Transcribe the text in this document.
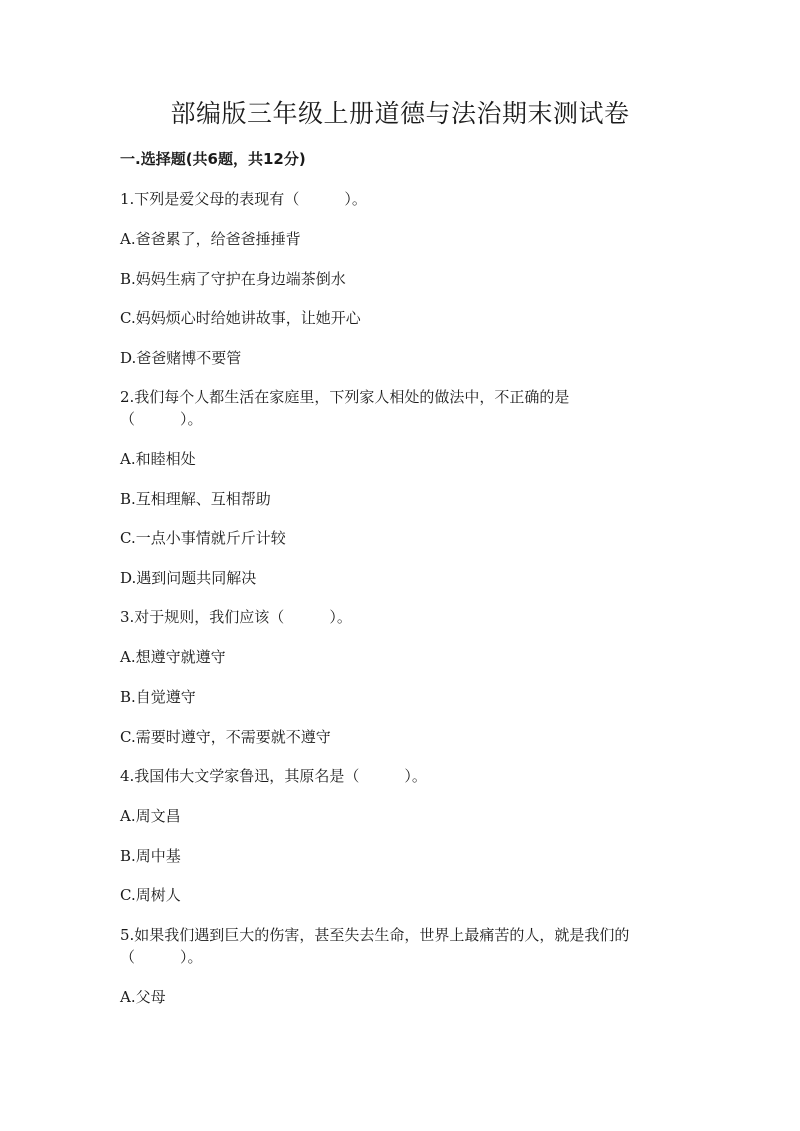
部编版三年级上册道德与法治期末测试卷
一.选择题(共6题，共12分)
1.下列是爱父母的表现有（　　　）。
A.爸爸累了，给爸爸捶捶背
B.妈妈生病了守护在身边端茶倒水
C.妈妈烦心时给她讲故事，让她开心
D.爸爸赌博不要管
2.我们每个人都生活在家庭里，下列家人相处的做法中，不正确的是
（　　　）。
A.和睦相处
B.互相理解、互相帮助
C.一点小事情就斤斤计较
D.遇到问题共同解决
3.对于规则，我们应该（　　　）。
A.想遵守就遵守
B.自觉遵守
C.需要时遵守，不需要就不遵守
4.我国伟大文学家鲁迅，其原名是（　　　）。
A.周文昌
B.周中基
C.周树人
5.如果我们遇到巨大的伤害，甚至失去生命，世界上最痛苦的人，就是我们的
（　　　）。
A.父母
